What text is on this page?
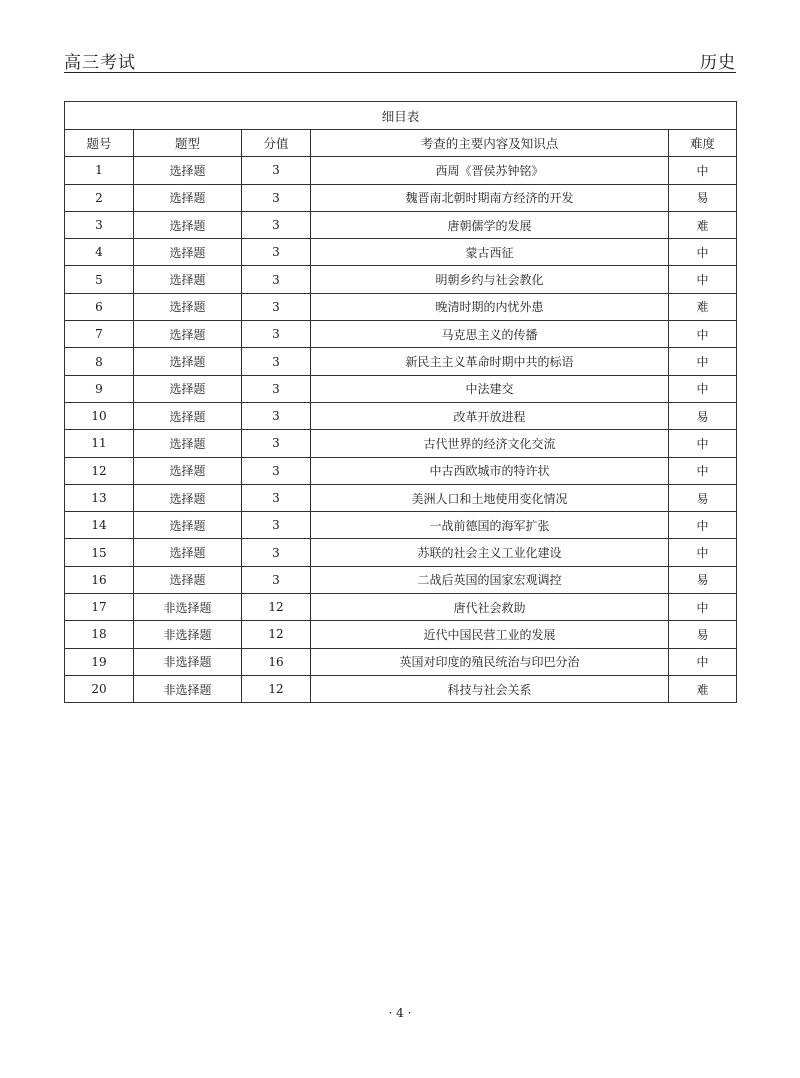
高三考试	历史
细目表				
题号	题型	分值	考查的主要内容及知识点	难度
1	选择题	3	西周《晋侯苏钟铭》	中
2	选择题	3	魏晋南北朝时期南方经济的开发	易
3	选择题	3	唐朝儒学的发展	难
4	选择题	3	蒙古西征	中
5	选择题	3	明朝乡约与社会教化	中
6	选择题	3	晚清时期的内忧外患	难
7	选择题	3	马克思主义的传播	中
8	选择题	3	新民主主义革命时期中共的标语	中
9	选择题	3	中法建交	中
10	选择题	3	改革开放进程	易
11	选择题	3	古代世界的经济文化交流	中
12	选择题	3	中古西欧城市的特许状	中
13	选择题	3	美洲人口和土地使用变化情况	易
14	选择题	3	一战前德国的海军扩张	中
15	选择题	3	苏联的社会主义工业化建设	中
16	选择题	3	二战后英国的国家宏观调控	易
17	非选择题	12	唐代社会救助	中
18	非选择题	12	近代中国民营工业的发展	易
19	非选择题	16	英国对印度的殖民统治与印巴分治	中
20	非选择题	12	科技与社会关系	难
· 4 ·
